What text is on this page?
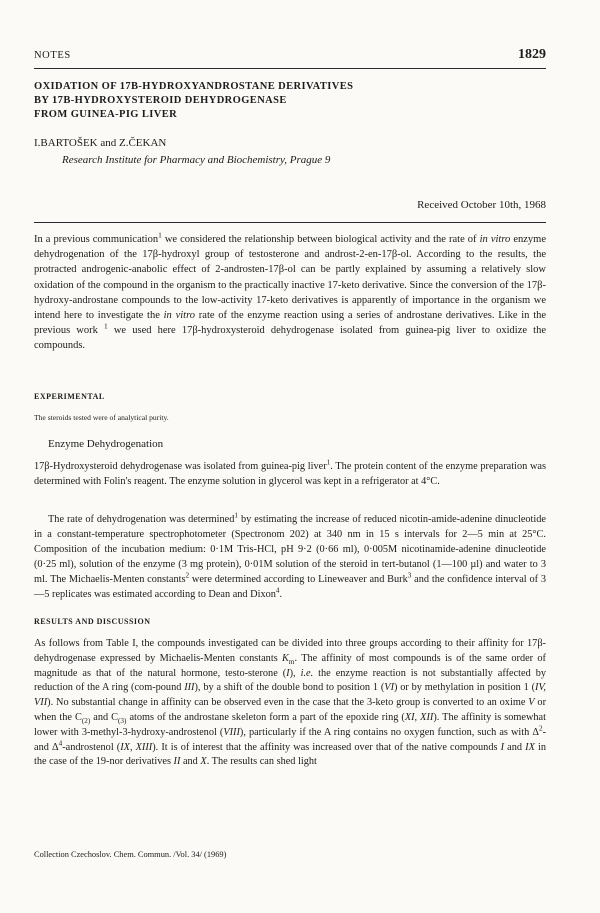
NOTES	1829
OXIDATION OF 17Β-HYDROXYANDROSTANE DERIVATIVES
BY 17Β-HYDROXYSTEROID DEHYDROGENASE
FROM GUINEA-PIG LIVER
I.BARTOŠEK and Z.ČEKAN
Research Institute for Pharmacy and Biochemistry, Prague 9
Received October 10th, 1968
In a previous communication$^1$ we considered the relationship between biological activity and the rate of in vitro enzyme dehydrogenation of the 17β-hydroxyl group of testosterone and androst-2-en-17β-ol. According to the results, the protracted androgenic-anabolic effect of 2-androsten-17β-ol can be partly explained by assuming a relatively slow oxidation of the compound in the organism to the practically inactive 17-keto derivative. Since the conversion of the 17β-hydroxy-androstane compounds to the low-activity 17-keto derivatives is apparently of importance in the organism we intend here to investigate the in vitro rate of the enzyme reaction using a series of androstane derivatives. Like in the previous work $^1$ we used here 17β-hydroxysteroid dehydrogenase isolated from guinea-pig liver to oxidize the compounds.
EXPERIMENTAL
The steroids tested were of analytical purity.
Enzyme Dehydrogenation
17β-Hydroxysteroid dehydrogenase was isolated from guinea-pig liver$^1$. The protein content of the enzyme preparation was determined with Folin's reagent. The enzyme solution in glycerol was kept in a refrigerator at 4°C.
The rate of dehydrogenation was determined$^1$ by estimating the increase of reduced nicotin-amide-adenine dinucleotide in a constant-temperature spectrophotometer (Spectronom 202) at 340 nm in 15 s intervals for 2—5 min at 25°C. Composition of the incubation medium: 0·1M Tris-HCl, pH 9·2 (0·66 ml), 0·005M nicotinamide-adenine dinucleotide (0·25 ml), solution of the enzyme (3 mg protein), 0·01M solution of the steroid in tert-butanol (1—100 µl) and water to 3 ml. The Michaelis-Menten constants$^2$ were determined according to Lineweaver and Burk$^3$ and the confidence interval of 3—5 replicates was estimated according to Dean and Dixon$^4$.
RESULTS AND DISCUSSION
As follows from Table I, the compounds investigated can be divided into three groups according to their affinity for 17β-dehydrogenase expressed by Michaelis-Menten constants $K_m$. The affinity of most compounds is of the same order of magnitude as that of the natural hormone, testo-sterone (I), i.e. the enzyme reaction is not substantially affected by reduction of the A ring (com-pound III), by a shift of the double bond to position 1 (VI) or by methylation in position 1 (IV, VII). No substantial change in affinity can be observed even in the case that the 3-keto group is converted to an oxime V or when the $C_{(2)}$ and $C_{(3)}$ atoms of the androstane skeleton form a part of the epoxide ring (XI, XII). The affinity is somewhat lower with 3-methyl-3-hydroxy-androstenol (VIII), particularly if the A ring contains no oxygen function, such as with $\Delta^2-$ and $\Delta^4$-androstenol (IX, XIII). It is of interest that the affinity was increased over that of the native compounds I and IX in the case of the 19-nor derivatives II and X. The results can shed light
Collection Czechoslov. Chem. Commun. /Vol. 34/ (1969)
